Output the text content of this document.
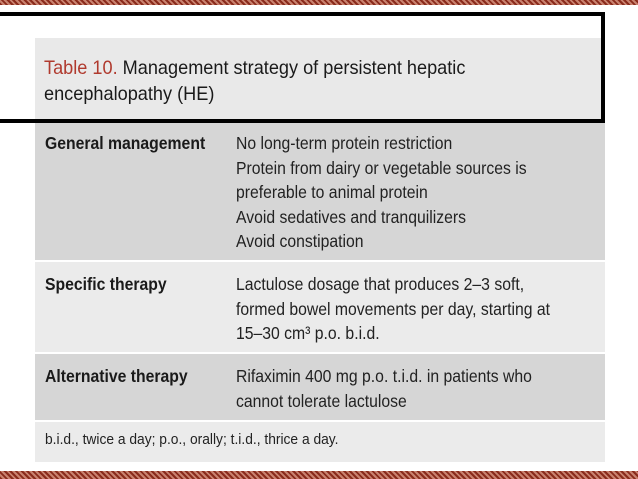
Table 10. Management strategy of persistent hepatic
encephalopathy (HE)
General management No long-term protein restriction
Protein from dairy or vegetable sources is
preferable to animal protein
Avoid sedatives and tranquilizers
Avoid constipation
Specific therapy	Lactulose dosage that produces 2–3 soft,
formed bowel movements per day, starting at
15–30 cm³ p.o. b.i.d.
Alternative therapy	Rifaximin 400 mg p.o. t.i.d. in patients who
cannot tolerate lactulose
b.i.d., twice a day; p.o., orally; t.i.d., thrice a day.
